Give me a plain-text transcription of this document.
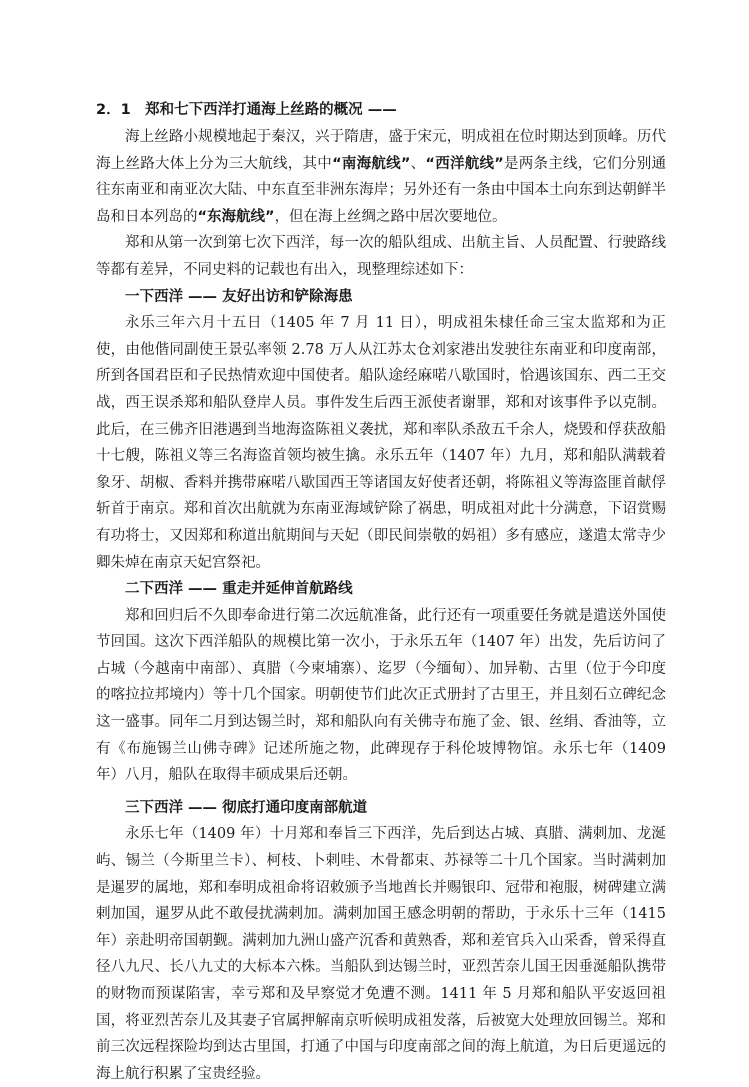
2．1　郑和七下西洋打通海上丝路的概况 ——

海上丝路小规模地起于秦汉，兴于隋唐，盛于宋元，明成祖在位时期达到顶峰。历代海上丝路大体上分为三大航线，其中“南海航线”、“西洋航线”是两条主线，它们分别通往东南亚和南亚次大陆、中东直至非洲东海岸；另外还有一条由中国本土向东到达朝鲜半岛和日本列岛的“东海航线”，但在海上丝绸之路中居次要地位。

郑和从第一次到第七次下西洋，每一次的船队组成、出航主旨、人员配置、行驶路线等都有差异，不同史料的记载也有出入，现整理综述如下：

一下西洋 —— 友好出访和铲除海患

永乐三年六月十五日（1405 年 7 月 11 日），明成祖朱棣任命三宝太监郑和为正使，由他偕同副使王景弘率领 2.78 万人从江苏太仓刘家港出发驶往东南亚和印度南部，所到各国君臣和子民热情欢迎中国使者。船队途经麻喏八歇国时，恰遇该国东、西二王交战，西王误杀郑和船队登岸人员。事件发生后西王派使者谢罪，郑和对该事件予以克制。此后，在三佛齐旧港遇到当地海盗陈祖义袭扰，郑和率队杀敌五千余人，烧毁和俘获敌船十七艘，陈祖义等三名海盗首领均被生擒。永乐五年（1407 年）九月，郑和船队满载着象牙、胡椒、香料并携带麻喏八歇国西王等诸国友好使者还朝，将陈祖义等海盗匪首献俘斩首于南京。郑和首次出航就为东南亚海域铲除了祸患，明成祖对此十分满意，下诏赏赐有功将士，又因郑和称道出航期间与天妃（即民间崇敬的妈祖）多有感应，遂遣太常寺少卿朱焯在南京天妃宫祭祀。

二下西洋 —— 重走并延伸首航路线

郑和回归后不久即奉命进行第二次远航准备，此行还有一项重要任务就是遣送外国使节回国。这次下西洋船队的规模比第一次小，于永乐五年（1407 年）出发，先后访问了占城（今越南中南部）、真腊（今柬埔寨）、迄罗（今缅甸）、加异勒、古里（位于今印度的喀拉拉邦境内）等十几个国家。明朝使节们此次正式册封了古里王，并且刻石立碑纪念这一盛事。同年二月到达锡兰时，郑和船队向有关佛寺布施了金、银、丝绢、香油等，立有《布施锡兰山佛寺碑》记述所施之物，此碑现存于科伦坡博物馆。永乐七年（1409 年）八月，船队在取得丰硕成果后还朝。

三下西洋 —— 彻底打通印度南部航道

永乐七年（1409 年）十月郑和奉旨三下西洋，先后到达占城、真腊、满刺加、龙涎屿、锡兰（今斯里兰卡）、柯枝、卜剌哇、木骨都束、苏禄等二十几个国家。当时满剌加是暹罗的属地，郑和奉明成祖命将诏敕颁予当地酋长并赐银印、冠带和袍服，树碑建立满剌加国，暹罗从此不敢侵扰满剌加。满剌加国王感念明朝的帮助，于永乐十三年（1415 年）亲赴明帝国朝觐。满剌加九洲山盛产沉香和黄熟香，郑和差官兵入山采香，曾采得直径八九尺、长八九丈的大标本六株。当船队到达锡兰时，亚烈苦奈儿国王因垂涎船队携带的财物而预谋陷害，幸亏郑和及早察觉才免遭不测。1411 年 5 月郑和船队平安返回祖国，将亚烈苦奈儿及其妻子官属押解南京听候明成祖发落，后被宽大处理放回锡兰。郑和前三次远程探险均到达古里国，打通了中国与印度南部之间的海上航道，为日后更遥远的海上航行积累了宝贵经验。
